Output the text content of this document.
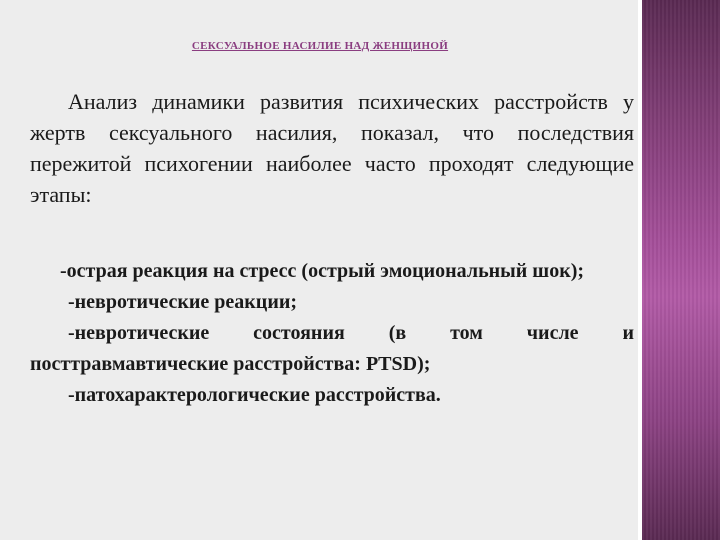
СЕКСУАЛЬНОЕ НАСИЛИЕ НАД ЖЕНЩИНОЙ

Анализ динамики развития психических расстройств у жертв сексуального насилия, показал, что последствия пережитой психогении наиболее часто проходят следующие этапы:

-острая реакция на стресс (острый эмоциональный шок);
-невротические реакции;
-невротические состояния (в том числе и посттравмавтические расстройства: PTSD);
-патохарактерологические расстройства.
